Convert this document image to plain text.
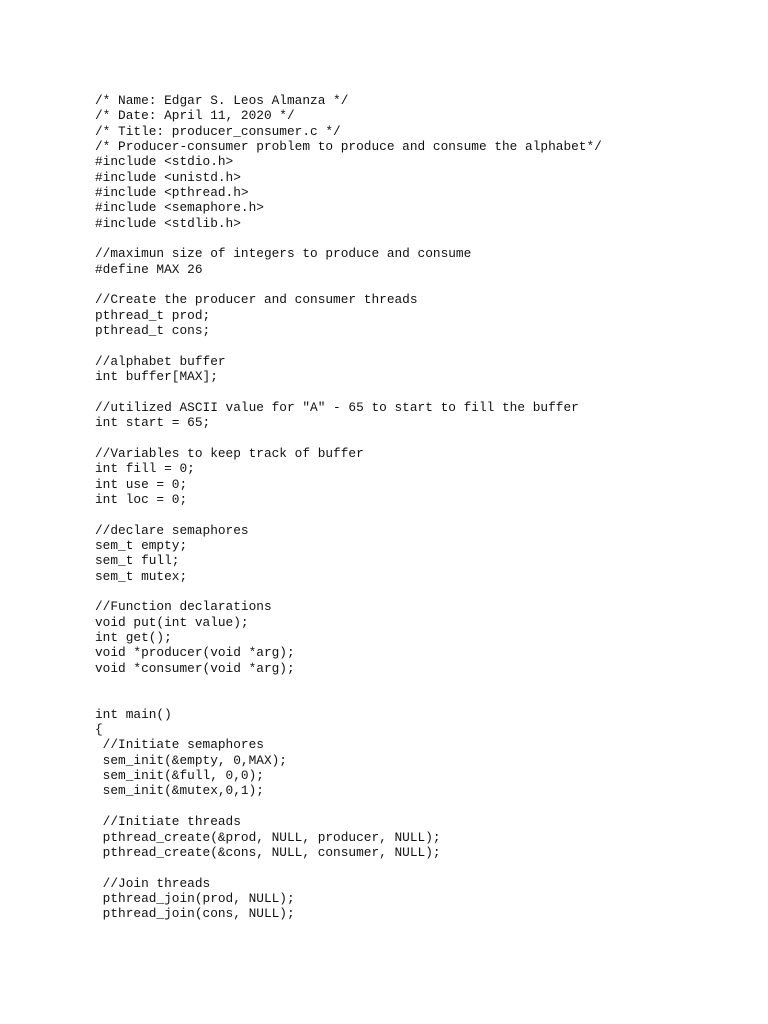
/* Name: Edgar S. Leos Almanza */
/* Date: April 11, 2020 */
/* Title: producer_consumer.c */
/* Producer-consumer problem to produce and consume the alphabet*/
#include <stdio.h>
#include <unistd.h>
#include <pthread.h>
#include <semaphore.h>
#include <stdlib.h>
//maximun size of integers to produce and consume
#define MAX 26
//Create the producer and consumer threads
pthread_t prod;
pthread_t cons;
//alphabet buffer
int buffer[MAX];
//utilized ASCII value for "A" - 65 to start to fill the buffer
int start = 65;
//Variables to keep track of buffer
int fill = 0;
int use = 0;
int loc = 0;
//declare semaphores
sem_t empty;
sem_t full;
sem_t mutex;
//Function declarations
void put(int value);
int get();
void *producer(void *arg);
void *consumer(void *arg);
int main()
{
//Initiate semaphores
sem_init(&empty, 0,MAX);
sem_init(&full, 0,0);
sem_init(&mutex,0,1);
//Initiate threads
pthread_create(&prod, NULL, producer, NULL);
pthread_create(&cons, NULL, consumer, NULL);
//Join threads
pthread_join(prod, NULL);
pthread_join(cons, NULL);
